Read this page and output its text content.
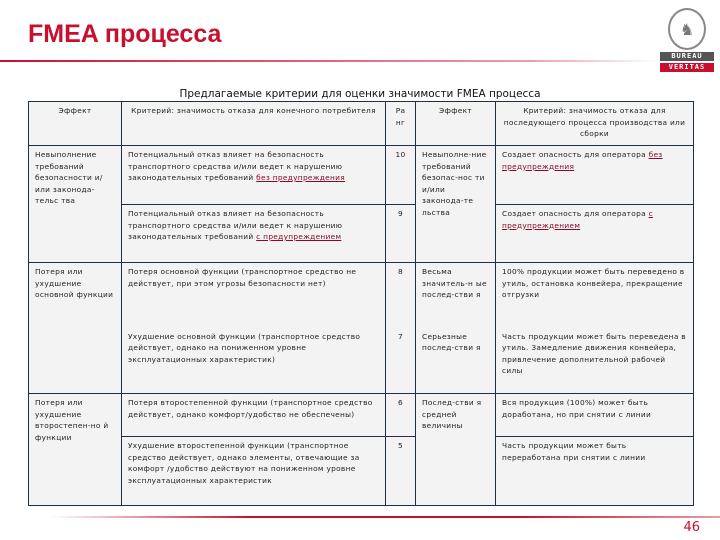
FMEA процесса	♞
BUREAU
VERITAS
Предлагаемые критерии для оценки значимости FMEA процесса
Эффект	Критерий: значимость отказа для конечного потребителя	Ра нг	Эффект	Критерий: значимость отказа для последующего процесса производства или сборки
Невыполнение требований безопасности и/или законода-тельс тва	Потенциальный отказ влияет на безопасность транспортного средства и/или ведет к нарушению законодательных требований без предупреждения	10	Невыполне-ние требований безопас-нос ти и/или законода-те льства	Создает опасность для оператора без предупреждения
	Потенциальный отказ влияет на безопасность транспортного средства и/или ведет к нарушению законодательных требований с предупреждением	9		Создает опасность для оператора с предупреждением
Потеря или ухудшение основной функции	Потеря основной функции (транспортное средство не действует, при этом угрозы безопасности нет)	8	Весьма значитель-н ые послед-стви я	100% продукции может быть переведено в утиль, остановка конвейера, прекращение отгрузки
	Ухудшение основной функции (транспортное средство действует, однако на пониженном уровне эксплуатационных характеристик)	7	Серьезные послед-стви я	Часть продукции может быть переведена в утиль. Замедление движения конвейера, привлечение дополнительной рабочей силы
Потеря или ухудшение второстепен-но й функции	Потеря второстепенной функции (транспортное средство действует, однако комфорт/удобство не обеспечены)	6	Послед-стви я средней величины	Вся продукция (100%) может быть доработана, но при снятии с линии
	Ухудшение второстепенной функции (транспортное средство действует, однако элементы, отвечающие за комфорт /удобство действуют на пониженном уровне эксплуатационных характеристик	5		Часть продукции может быть переработана при снятии с линии
46
